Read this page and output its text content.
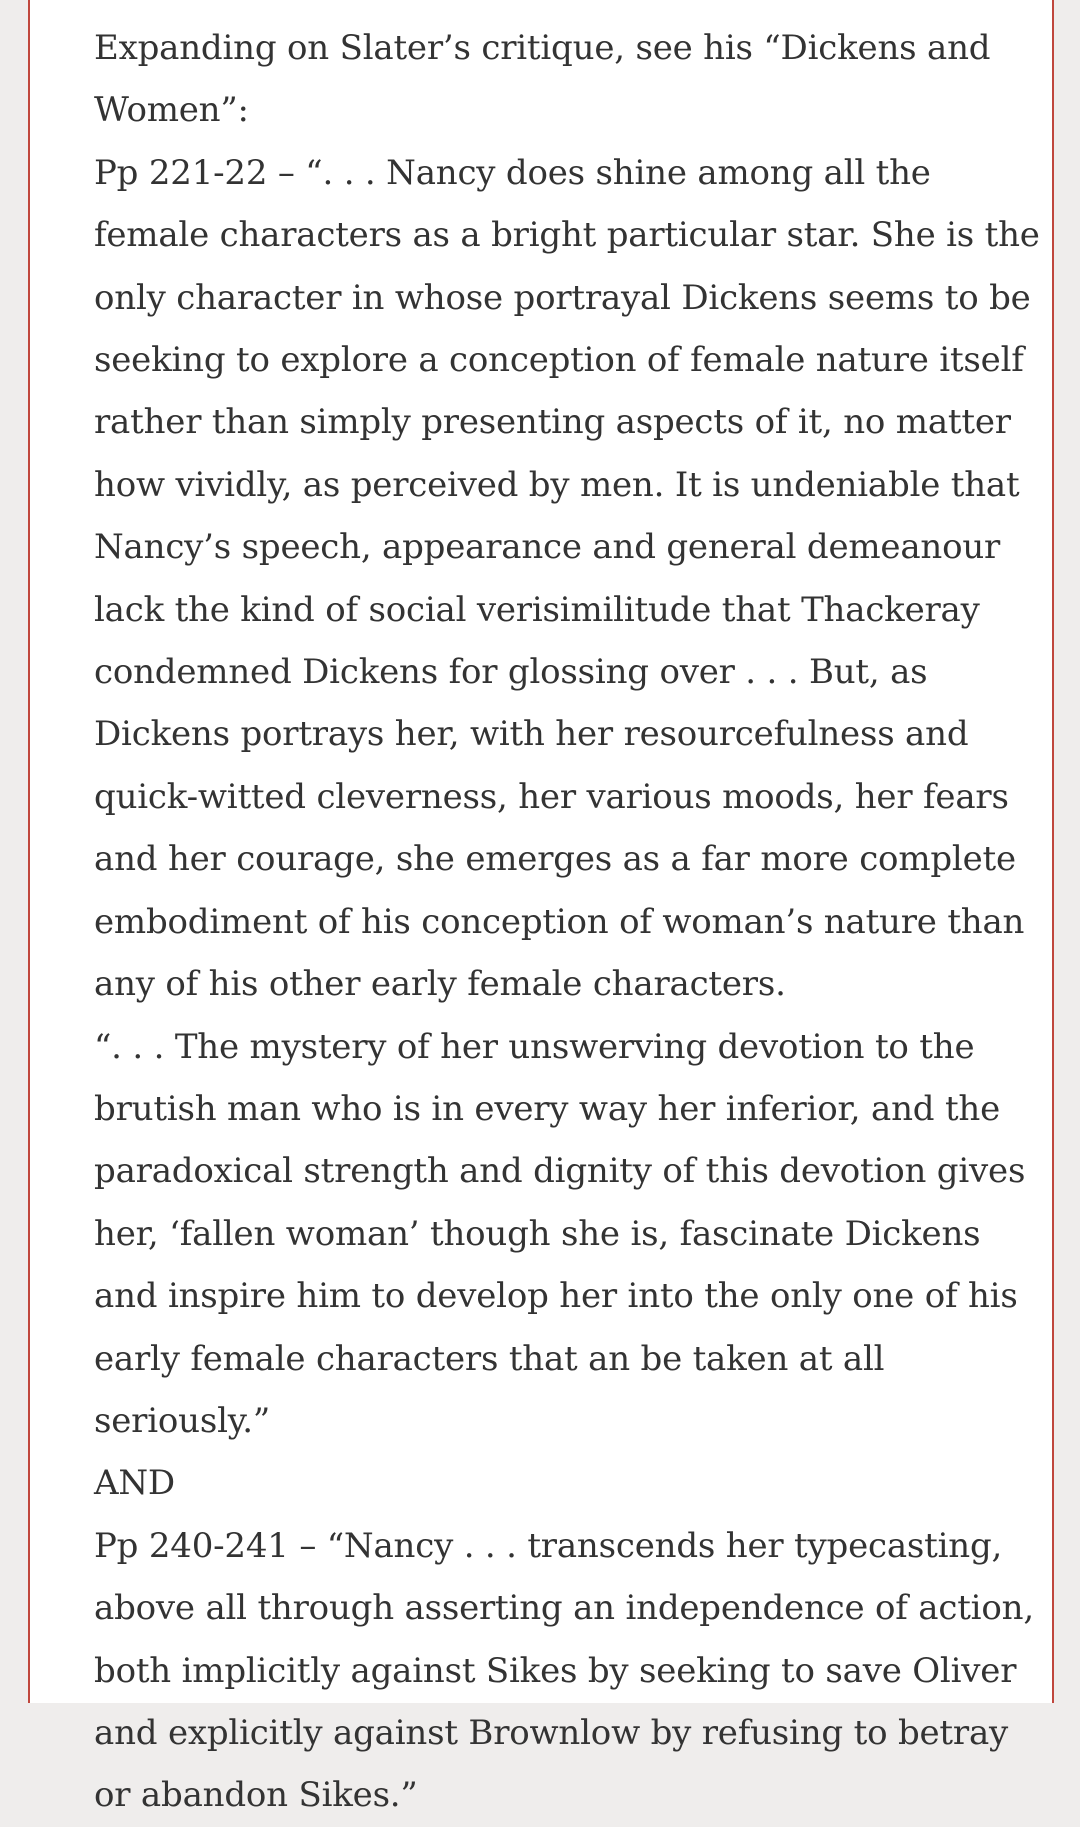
Expanding on Slater’s critique, see his “Dickens and Women”:

Pp 221-22 – “. . . Nancy does shine among all the female characters as a bright particular star. She is the only character in whose portrayal Dickens seems to be seeking to explore a conception of female nature itself rather than simply presenting aspects of it, no matter how vividly, as perceived by men. It is undeniable that Nancy’s speech, appearance and general demeanour lack the kind of social verisimilitude that Thackeray condemned Dickens for glossing over . . . But, as Dickens portrays her, with her resourcefulness and quick-witted cleverness, her various moods, her fears and her courage, she emerges as a far more complete embodiment of his conception of woman’s nature than any of his other early female characters.

“. . . The mystery of her unswerving devotion to the brutish man who is in every way her inferior, and the paradoxical strength and dignity of this devotion gives her, ‘fallen woman’ though she is, fascinate Dickens and inspire him to develop her into the only one of his early female characters that an be taken at all seriously.”

AND

Pp 240-241 – “Nancy . . . transcends her typecasting, above all through asserting an independence of action, both implicitly against Sikes by seeking to save Oliver and explicitly against Brownlow by refusing to betray or abandon Sikes.”
